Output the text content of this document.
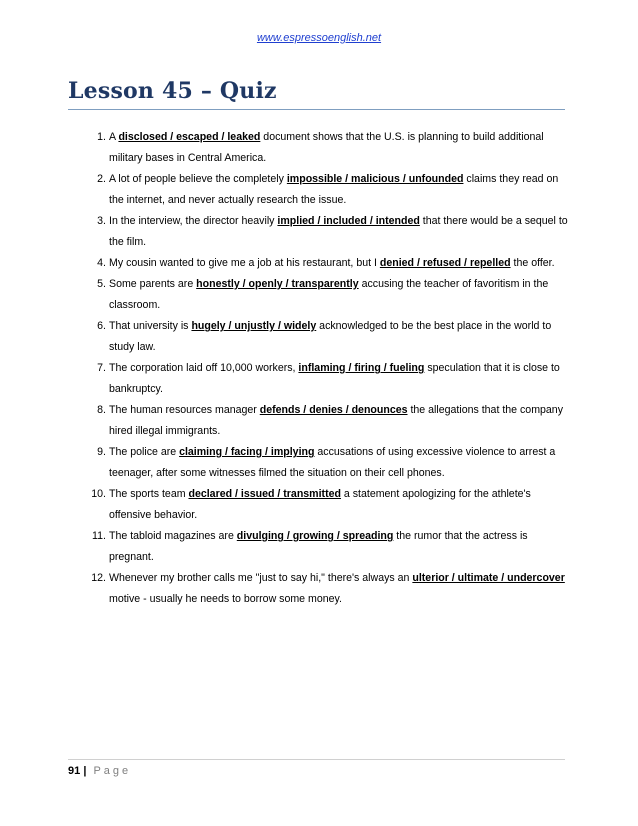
www.espressoenglish.net
Lesson 45 – Quiz
1. A disclosed / escaped / leaked document shows that the U.S. is planning to build additional military bases in Central America.
2. A lot of people believe the completely impossible / malicious / unfounded claims they read on the internet, and never actually research the issue.
3. In the interview, the director heavily implied / included / intended that there would be a sequel to the film.
4. My cousin wanted to give me a job at his restaurant, but I denied / refused / repelled the offer.
5. Some parents are honestly / openly / transparently accusing the teacher of favoritism in the classroom.
6. That university is hugely / unjustly / widely acknowledged to be the best place in the world to study law.
7. The corporation laid off 10,000 workers, inflaming / firing / fueling speculation that it is close to bankruptcy.
8. The human resources manager defends / denies / denounces the allegations that the company hired illegal immigrants.
9. The police are claiming / facing / implying accusations of using excessive violence to arrest a teenager, after some witnesses filmed the situation on their cell phones.
10. The sports team declared / issued / transmitted a statement apologizing for the athlete's offensive behavior.
11. The tabloid magazines are divulging / growing / spreading the rumor that the actress is pregnant.
12. Whenever my brother calls me "just to say hi," there's always an ulterior / ultimate / undercover motive - usually he needs to borrow some money.
91 | Page
